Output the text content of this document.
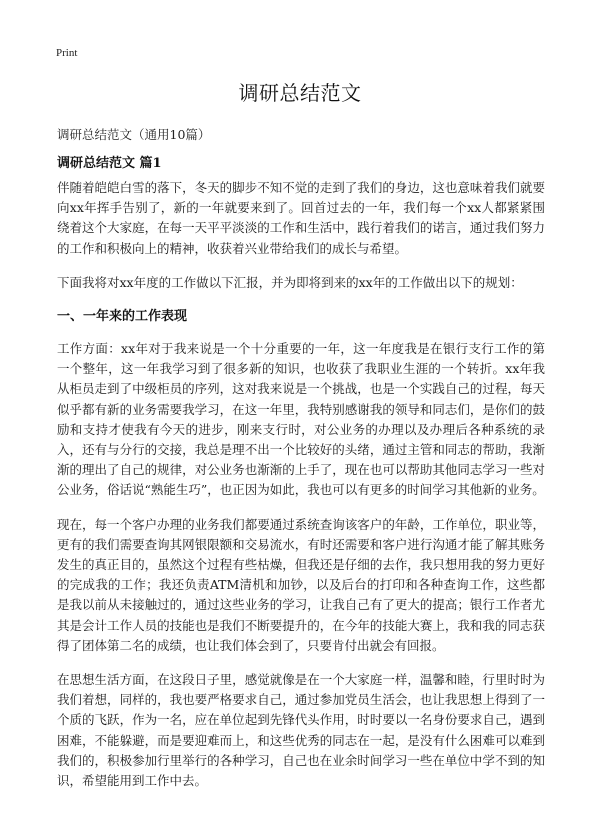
Print
调研总结范文
调研总结范文（通用10篇）
调研总结范文 篇1

伴随着皑皑白雪的落下，冬天的脚步不知不觉的走到了我们的身边，这也意味着我们就要向xx年挥手告别了，新的一年就要来到了。回首过去的一年，我们每一个xx人都紧紧围绕着这个大家庭，在每一天平平淡淡的工作和生活中，践行着我们的诺言，通过我们努力的工作和积极向上的精神，收获着兴业带给我们的成长与希望。

下面我将对xx年度的工作做以下汇报，并为即将到来的xx年的工作做出以下的规划：

一、一年来的工作表现

工作方面：xx年对于我来说是一个十分重要的一年，这一年度我是在银行支行工作的第一个整年，这一年我学习到了很多新的知识，也收获了我职业生涯的一个转折。xx年我从柜员走到了中级柜员的序列，这对我来说是一个挑战，也是一个实践自己的过程，每天似乎都有新的业务需要我学习，在这一年里，我特别感谢我的领导和同志们，是你们的鼓励和支持才使我有今天的进步，刚来支行时，对公业务的办理以及办理后各种系统的录入，还有与分行的交接，我总是理不出一个比较好的头绪，通过主管和同志的帮助，我渐渐的理出了自己的规律，对公业务也渐渐的上手了，现在也可以帮助其他同志学习一些对公业务，俗话说“熟能生巧”，也正因为如此，我也可以有更多的时间学习其他新的业务。

现在，每一个客户办理的业务我们都要通过系统查询该客户的年龄，工作单位，职业等，更有的我们需要查询其网银限额和交易流水，有时还需要和客户进行沟通才能了解其账务发生的真正目的，虽然这个过程有些枯燥，但我还是仔细的去作，我只想用我的努力更好的完成我的工作；我还负责ATM清机和加钞，以及后台的打印和各种查询工作，这些都是我以前从未接触过的，通过这些业务的学习，让我自己有了更大的提高；银行工作者尤其是会计工作人员的技能也是我们不断要提升的，在今年的技能大赛上，我和我的同志获得了团体第二名的成绩，也让我们体会到了，只要肯付出就会有回报。

在思想生活方面，在这段日子里，感觉就像是在一个大家庭一样，温馨和睦，行里时时为我们着想，同样的，我也要严格要求自己，通过参加党员生活会，也让我思想上得到了一个质的飞跃，作为一名，应在单位起到先锋代头作用，时时要以一名身份要求自己，遇到困难，不能躲避，而是要迎难而上，和这些优秀的同志在一起，是没有什么困难可以难到我们的，积极参加行里举行的各种学习，自己也在业余时间学习一些在单位中学不到的知识，希望能用到工作中去。
